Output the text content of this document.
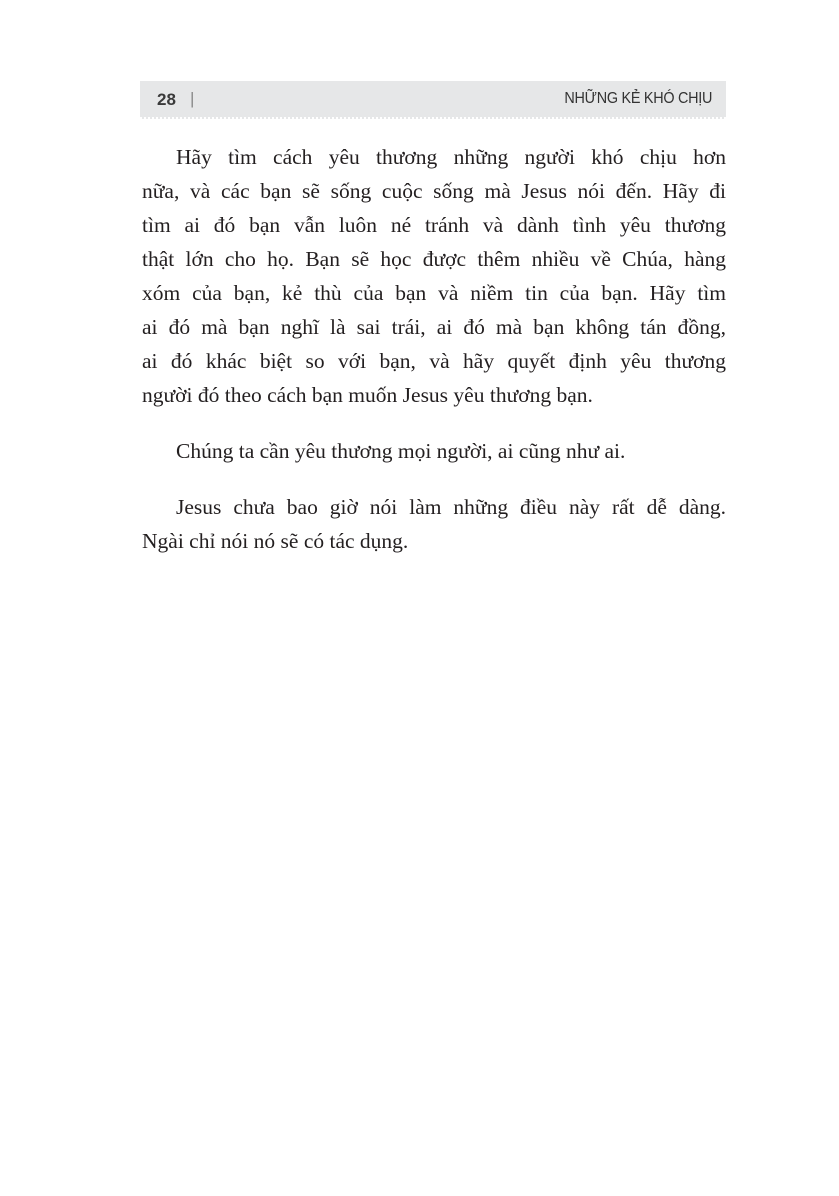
28 |	NHỮNG KẺ KHÓ CHỊU
Hãy tìm cách yêu thương những người khó chịu hơn
nữa, và các bạn sẽ sống cuộc sống mà Jesus nói đến. Hãy đi
tìm ai đó bạn vẫn luôn né tránh và dành tình yêu thương
thật lớn cho họ. Bạn sẽ học được thêm nhiều về Chúa, hàng
xóm của bạn, kẻ thù của bạn và niềm tin của bạn. Hãy tìm
ai đó mà bạn nghĩ là sai trái, ai đó mà bạn không tán đồng,
ai đó khác biệt so với bạn, và hãy quyết định yêu thương
người đó theo cách bạn muốn Jesus yêu thương bạn.
Chúng ta cần yêu thương mọi người, ai cũng như ai.
Jesus chưa bao giờ nói làm những điều này rất dễ dàng.
Ngài chỉ nói nó sẽ có tác dụng.
